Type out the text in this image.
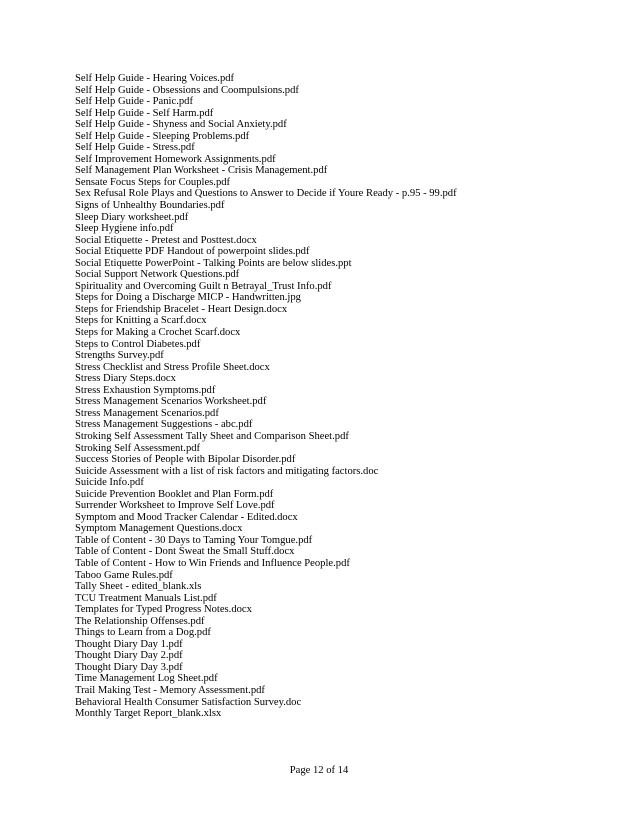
Self Help Guide - Hearing Voices.pdf
Self Help Guide - Obsessions and Coompulsions.pdf
Self Help Guide - Panic.pdf
Self Help Guide - Self Harm.pdf
Self Help Guide - Shyness and Social Anxiety.pdf
Self Help Guide - Sleeping Problems.pdf
Self Help Guide - Stress.pdf
Self Improvement Homework Assignments.pdf
Self Management Plan Worksheet - Crisis Management.pdf
Sensate Focus Steps for Couples.pdf
Sex Refusal Role Plays and Questions to Answer to Decide if Youre Ready - p.95 - 99.pdf
Signs of Unhealthy Boundaries.pdf
Sleep Diary worksheet.pdf
Sleep Hygiene info.pdf
Social Etiquette - Pretest and Posttest.docx
Social Etiquette PDF Handout of powerpoint slides.pdf
Social Etiquette PowerPoint - Talking Points are below slides.ppt
Social Support Network Questions.pdf
Spirituality and Overcoming Guilt n Betrayal_Trust Info.pdf
Steps for Doing a Discharge MICP - Handwritten.jpg
Steps for Friendship Bracelet - Heart Design.docx
Steps for Knitting a Scarf.docx
Steps for Making a Crochet Scarf.docx
Steps to Control Diabetes.pdf
Strengths Survey.pdf
Stress Checklist and Stress Profile Sheet.docx
Stress Diary Steps.docx
Stress Exhaustion Symptoms.pdf
Stress Management Scenarios Worksheet.pdf
Stress Management Scenarios.pdf
Stress Management Suggestions - abc.pdf
Stroking Self Assessment Tally Sheet and Comparison Sheet.pdf
Stroking Self Assessment.pdf
Success Stories of People with Bipolar Disorder.pdf
Suicide Assessment with a list of risk factors and mitigating factors.doc
Suicide Info.pdf
Suicide Prevention Booklet and Plan Form.pdf
Surrender Worksheet to Improve Self Love.pdf
Symptom and Mood Tracker Calendar - Edited.docx
Symptom Management Questions.docx
Table of Content - 30 Days to Taming Your Tomgue.pdf
Table of Content - Dont Sweat the Small Stuff.docx
Table of Content - How to Win Friends and Influence People.pdf
Taboo Game Rules.pdf
Tally Sheet - edited_blank.xls
TCU Treatment Manuals List.pdf
Templates for Typed Progress Notes.docx
The Relationship Offenses.pdf
Things to Learn from a Dog.pdf
Thought Diary Day 1.pdf
Thought Diary Day 2.pdf
Thought Diary Day 3.pdf
Time Management Log Sheet.pdf
Trail Making Test - Memory Assessment.pdf
Behavioral Health Consumer Satisfaction Survey.doc
Monthly Target Report_blank.xlsx
Page 12 of 14
